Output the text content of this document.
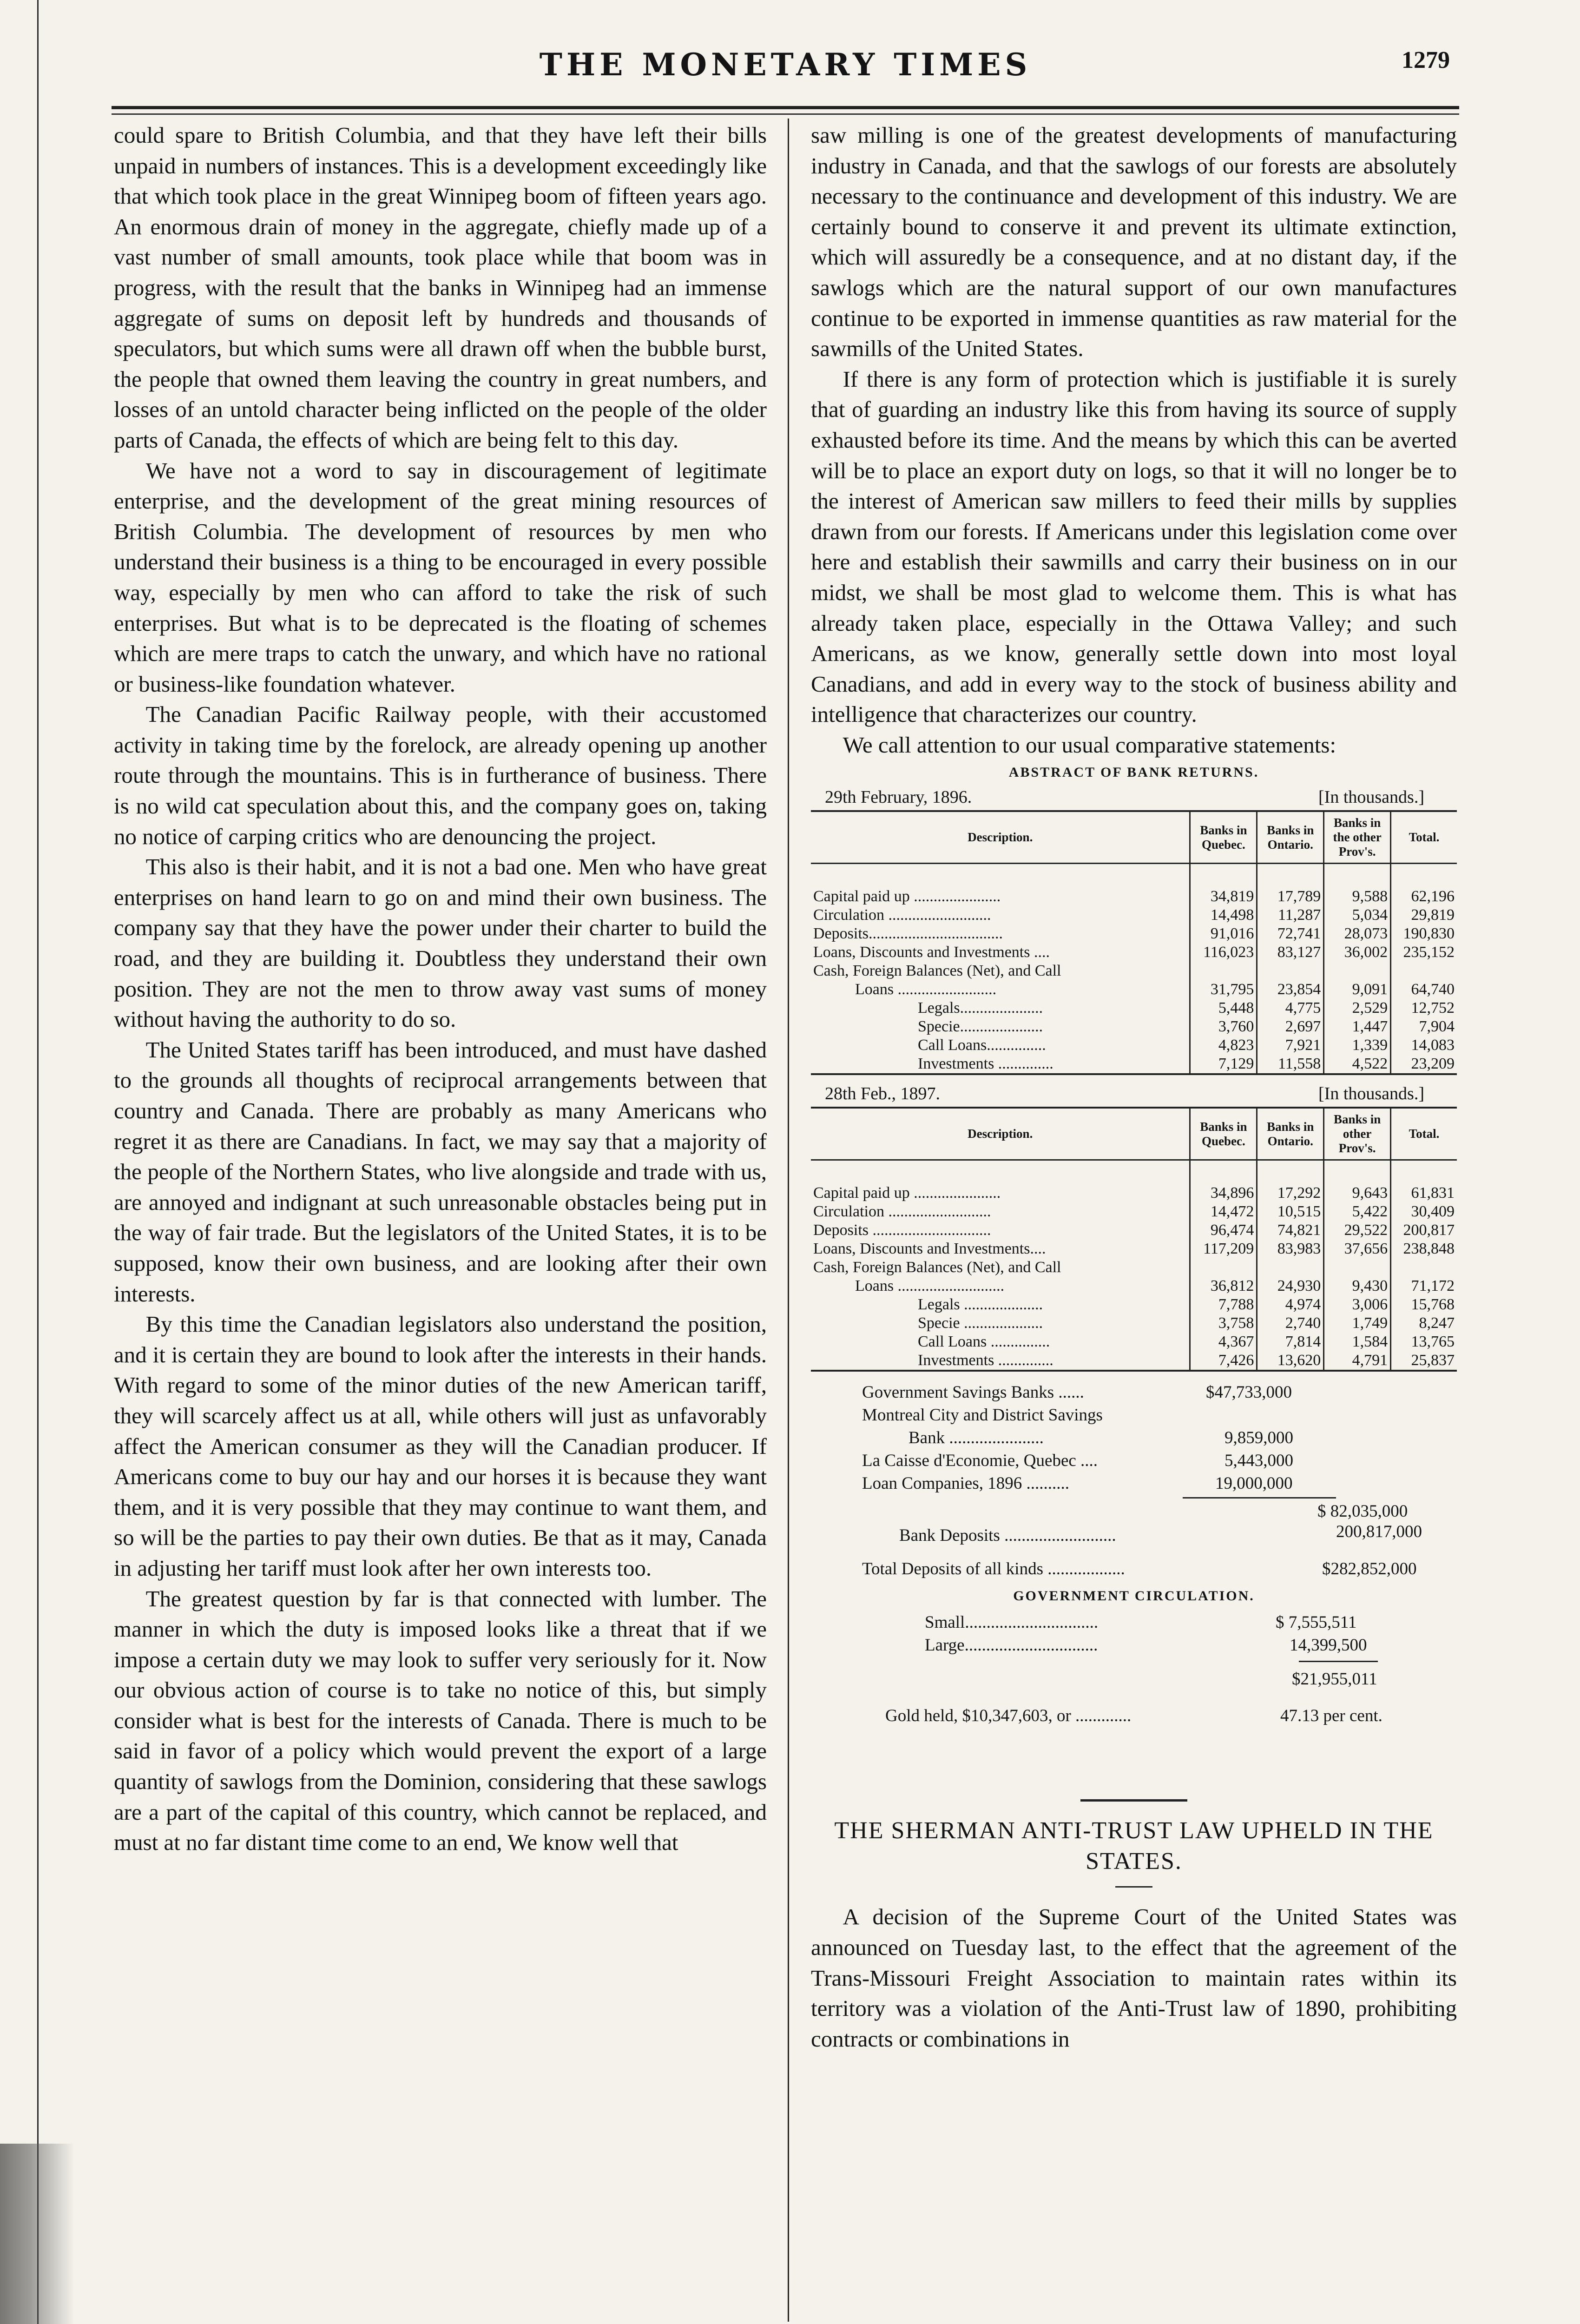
THE MONETARY TIMES	1279

could spare to British Columbia, and that they have left their bills unpaid in numbers of instances. This is a development exceedingly like that which took place in the great Winnipeg boom of fifteen years ago. An enormous drain of money in the aggregate, chiefly made up of a vast number of small amounts, took place while that boom was in progress, with the result that the banks in Winnipeg had an immense aggregate of sums on deposit left by hundreds and thousands of speculators, but which sums were all drawn off when the bubble burst, the people that owned them leaving the country in great numbers, and losses of an untold character being inflicted on the people of the older parts of Canada, the effects of which are being felt to this day.

We have not a word to say in discouragement of legitimate enterprise, and the development of the great mining resources of British Columbia. The development of resources by men who understand their business is a thing to be encouraged in every possible way, especially by men who can afford to take the risk of such enterprises. But what is to be deprecated is the floating of schemes which are mere traps to catch the unwary, and which have no rational or business-like foundation whatever.

The Canadian Pacific Railway people, with their accustomed activity in taking time by the forelock, are already opening up another route through the mountains. This is in furtherance of business. There is no wild cat speculation about this, and the company goes on, taking no notice of carping critics who are denouncing the project.

This also is their habit, and it is not a bad one. Men who have great enterprises on hand learn to go on and mind their own business. The company say that they have the power under their charter to build the road, and they are building it. Doubtless they understand their own position. They are not the men to throw away vast sums of money without having the authority to do so.

The United States tariff has been introduced, and must have dashed to the grounds all thoughts of reciprocal arrangements between that country and Canada. There are probably as many Americans who regret it as there are Canadians. In fact, we may say that a majority of the people of the Northern States, who live alongside and trade with us, are annoyed and indignant at such unreasonable obstacles being put in the way of fair trade. But the legislators of the United States, it is to be supposed, know their own business, and are looking after their own interests.

By this time the Canadian legislators also understand the position, and it is certain they are bound to look after the interests in their hands. With regard to some of the minor duties of the new American tariff, they will scarcely affect us at all, while others will just as unfavorably affect the American consumer as they will the Canadian producer. If Americans come to buy our hay and our horses it is because they want them, and it is very possible that they may continue to want them, and so will be the parties to pay their own duties. Be that as it may, Canada in adjusting her tariff must look after her own interests too.

The greatest question by far is that connected with lumber. The manner in which the duty is imposed looks like a threat that if we impose a certain duty we may look to suffer very seriously for it. Now our obvious action of course is to take no notice of this, but simply consider what is best for the interests of Canada. There is much to be said in favor of a policy which would prevent the export of a large quantity of sawlogs from the Dominion, considering that these sawlogs are a part of the capital of this country, which cannot be replaced, and must at no far distant time come to an end, We know well that

saw milling is one of the greatest developments of manufacturing industry in Canada, and that the sawlogs of our forests are absolutely necessary to the continuance and development of this industry. We are certainly bound to conserve it and prevent its ultimate extinction, which will assuredly be a consequence, and at no distant day, if the sawlogs which are the natural support of our own manufactures continue to be exported in immense quantities as raw material for the sawmills of the United States.

If there is any form of protection which is justifiable it is surely that of guarding an industry like this from having its source of supply exhausted before its time. And the means by which this can be averted will be to place an export duty on logs, so that it will no longer be to the interest of American saw millers to feed their mills by supplies drawn from our forests. If Americans under this legislation come over here and establish their sawmills and carry their business on in our midst, we shall be most glad to welcome them. This is what has already taken place, especially in the Ottawa Valley; and such Americans, as we know, generally settle down into most loyal Canadians, and add in every way to the stock of business ability and intelligence that characterizes our country.

We call attention to our usual comparative statements:

ABSTRACT OF BANK RETURNS.
29th February, 1896.	[In thousands.]
Description.	Banks in Quebec.	Banks in Ontario.	Banks in the other Prov's.	Total.

Capital paid up ......................	34,819	17,789	9,588	62,196
Circulation ..........................	14,498	11,287	5,034	29,819
Deposits..................................	91,016	72,741	28,073	190,830
Loans, Discounts and Investments ....	116,023	83,127	36,002	235,152
Cash, Foreign Balances (Net), and Call				
Loans .........................	31,795	23,854	9,091	64,740
Legals.....................	5,448	4,775	2,529	12,752
Specie.....................	3,760	2,697	1,447	7,904
Call Loans...............	4,823	7,921	1,339	14,083
Investments ..............	7,129	11,558	4,522	23,209
28th Feb., 1897.	[In thousands.]
Description.	Banks in Quebec.	Banks in Ontario.	Banks in other Prov's.	Total.

Capital paid up ......................	34,896	17,292	9,643	61,831
Circulation ..........................	14,472	10,515	5,422	30,409
Deposits ..............................	96,474	74,821	29,522	200,817
Loans, Discounts and Investments....	117,209	83,983	37,656	238,848
Cash, Foreign Balances (Net), and Call				
Loans ...........................	36,812	24,930	9,430	71,172
Legals ....................	7,788	4,974	3,006	15,768
Specie ....................	3,758	2,740	1,749	8,247
Call Loans ...............	4,367	7,814	1,584	13,765
Investments ..............	7,426	13,620	4,791	25,837
Government Savings Banks ......	$47,733,000
Montreal City and District Savings
Bank ......................	9,859,000
La Caisse d'Economie, Quebec ....	5,443,000
Loan Companies, 1896 ..........	19,000,000
$ 82,035,000
Bank Deposits ..........................	200,817,000
Total Deposits of all kinds ..................	$282,852,000
GOVERNMENT CIRCULATION.
Small...............................	$ 7,555,511
Large...............................	14,399,500
$21,955,011
Gold held, $10,347,603, or .............	47.13 per cent.
THE SHERMAN ANTI-TRUST LAW UPHELD IN THE STATES.

A decision of the Supreme Court of the United States was announced on Tuesday last, to the effect that the agreement of the Trans-Missouri Freight Association to maintain rates within its territory was a violation of the Anti-Trust law of 1890, prohibiting contracts or combinations in
